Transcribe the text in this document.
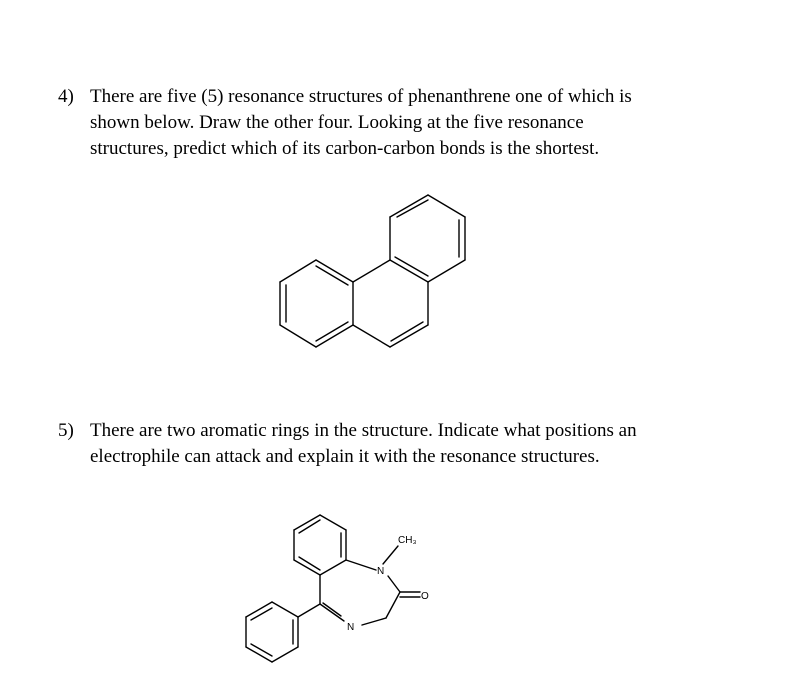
4) There are five (5) resonance structures of phenanthrene one of which is
shown below. Draw the other four. Looking at the five resonance
structures, predict which of its carbon-carbon bonds is the shortest.
CH₃
N
N
O
5) There are two aromatic rings in the structure. Indicate what positions an
electrophile can attack and explain it with the resonance structures.
